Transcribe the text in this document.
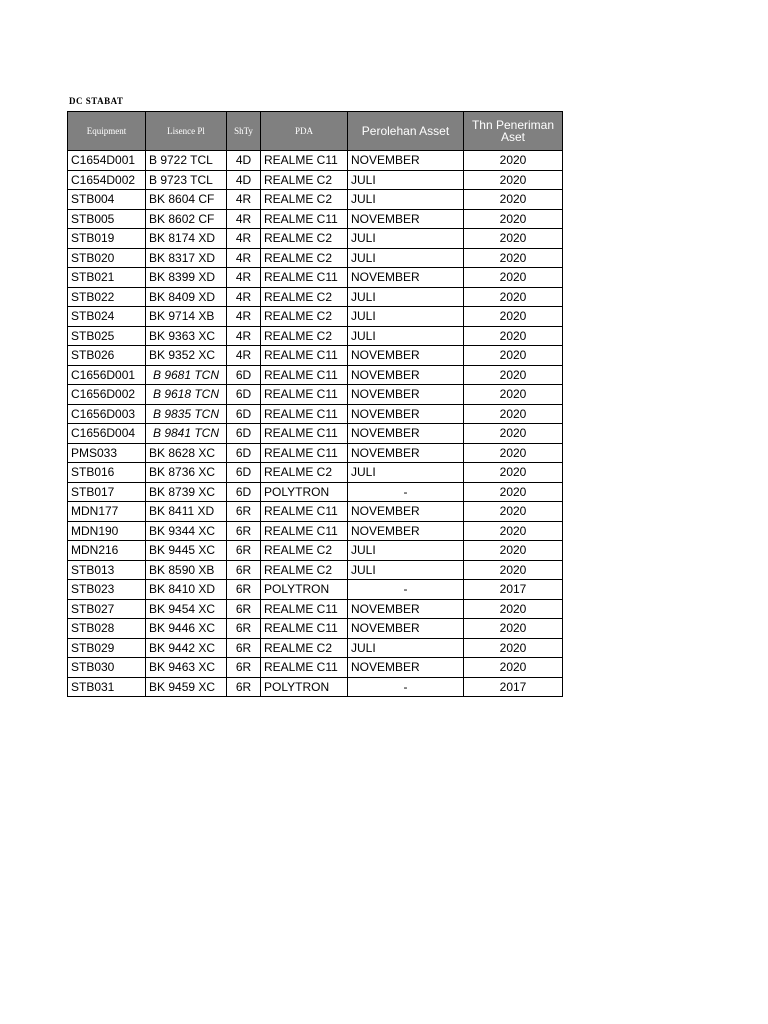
DC STABAT
Equipment	Lisence Pl	ShTy	PDA	Perolehan Asset	Thn Peneriman Aset
C1654D001	B 9722 TCL	4D	REALME C11	NOVEMBER	2020
C1654D002	B 9723 TCL	4D	REALME C2	JULI	2020
STB004	BK 8604 CF	4R	REALME C2	JULI	2020
STB005	BK 8602 CF	4R	REALME C11	NOVEMBER	2020
STB019	BK 8174 XD	4R	REALME C2	JULI	2020
STB020	BK 8317 XD	4R	REALME C2	JULI	2020
STB021	BK 8399 XD	4R	REALME C11	NOVEMBER	2020
STB022	BK 8409 XD	4R	REALME C2	JULI	2020
STB024	BK 9714 XB	4R	REALME C2	JULI	2020
STB025	BK 9363 XC	4R	REALME C2	JULI	2020
STB026	BK 9352 XC	4R	REALME C11	NOVEMBER	2020
C1656D001	B 9681 TCN	6D	REALME C11	NOVEMBER	2020
C1656D002	B 9618 TCN	6D	REALME C11	NOVEMBER	2020
C1656D003	B 9835 TCN	6D	REALME C11	NOVEMBER	2020
C1656D004	B 9841 TCN	6D	REALME C11	NOVEMBER	2020
PMS033	BK 8628 XC	6D	REALME C11	NOVEMBER	2020
STB016	BK 8736 XC	6D	REALME C2	JULI	2020
STB017	BK 8739 XC	6D	POLYTRON	-	2020
MDN177	BK 8411 XD	6R	REALME C11	NOVEMBER	2020
MDN190	BK 9344 XC	6R	REALME C11	NOVEMBER	2020
MDN216	BK 9445 XC	6R	REALME C2	JULI	2020
STB013	BK 8590 XB	6R	REALME C2	JULI	2020
STB023	BK 8410 XD	6R	POLYTRON	-	2017
STB027	BK 9454 XC	6R	REALME C11	NOVEMBER	2020
STB028	BK 9446 XC	6R	REALME C11	NOVEMBER	2020
STB029	BK 9442 XC	6R	REALME C2	JULI	2020
STB030	BK 9463 XC	6R	REALME C11	NOVEMBER	2020
STB031	BK 9459 XC	6R	POLYTRON	-	2017
